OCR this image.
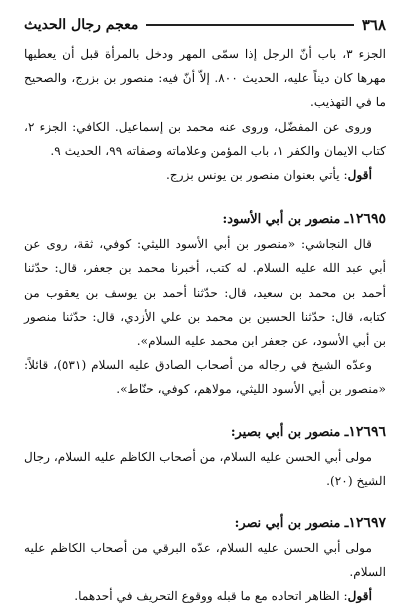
٣٦٨
معجم رجال الحديث

الجزء ٣، باب أنّ الرجل إذا سمّى المهر ودخل بالمرأة قبل أن يعطيها مهرها كان ديناً عليه، الحديث ٨٠٠. إلاّ أنّ فيه: منصور بن بزرج، والصحيح ما في التهذيب.

وروى عن المفضّل، وروى عنه محمد بن إسماعيل. الكافي: الجزء ٢، كتاب الايمان والكفر ١، باب المؤمن وعلاماته وصفاته ٩٩، الحديث ٩.

أقول: يأتي بعنوان منصور بن يونس بزرج.

١٢٦٩٥ـ منصور بن أبي الأسود:

قال النجاشي: «منصور بن أبي الأسود الليثي: كوفي، ثقة، روى عن أبي عبد الله عليه السلام. له كتب، أخبرنا محمد بن جعفر، قال: حدّثنا أحمد بن محمد بن سعيد، قال: حدّثنا أحمد بن يوسف بن يعقوب من كتابه، قال: حدّثنا الحسين بن محمد بن علي الأزدي، قال: حدّثنا منصور بن أبي الأسود، عن جعفر ابن محمد عليه السلام».

وعدّه الشيخ في رجاله من أصحاب الصادق عليه السلام (٥٣١)، قائلاً: «منصور بن أبي الأسود الليثي، مولاهم، كوفي، حنّاط».

١٢٦٩٦ـ منصور بن أبي بصير:

مولى أبي الحسن عليه السلام، من أصحاب الكاظم عليه السلام، رجال الشيخ (٢٠).

١٢٦٩٧ـ منصور بن أبي نصر:

مولى أبي الحسن عليه السلام، عدّه البرقي من أصحاب الكاظم عليه السلام.

أقول: الظاهر اتحاده مع ما قبله ووقوع التحريف في أحدهما.
